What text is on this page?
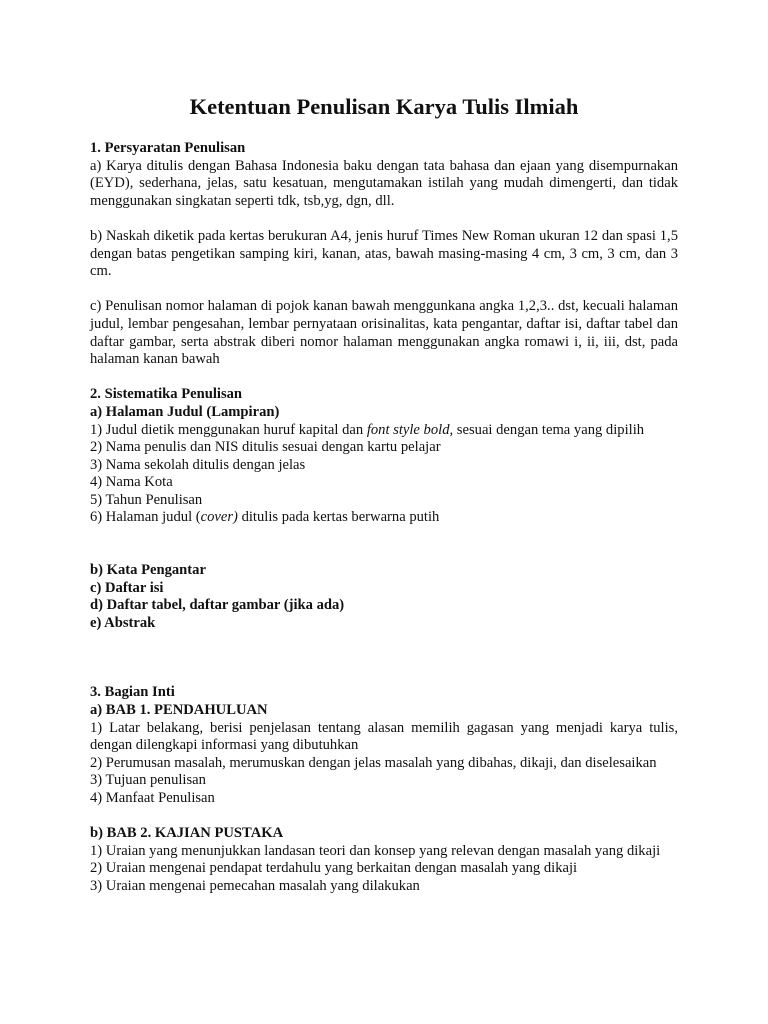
Ketentuan Penulisan Karya Tulis Ilmiah

1. Persyaratan Penulisan

a) Karya ditulis dengan Bahasa Indonesia baku dengan tata bahasa dan ejaan yang disempurnakan (EYD), sederhana, jelas, satu kesatuan, mengutamakan istilah yang mudah dimengerti, dan tidak menggunakan singkatan seperti tdk, tsb,yg, dgn, dll.

b) Naskah diketik pada kertas berukuran A4, jenis huruf Times New Roman ukuran 12 dan spasi 1,5 dengan batas pengetikan samping kiri, kanan, atas, bawah masing-masing 4 cm, 3 cm, 3 cm, dan 3 cm.

c) Penulisan nomor halaman di pojok kanan bawah menggunkana angka 1,2,3.. dst, kecuali halaman judul, lembar pengesahan, lembar pernyataan orisinalitas, kata pengantar, daftar isi, daftar tabel dan daftar gambar, serta abstrak diberi nomor halaman menggunakan angka romawi i, ii, iii, dst, pada halaman kanan bawah

2. Sistematika Penulisan

a) Halaman Judul (Lampiran)

1) Judul dietik menggunakan huruf kapital dan font style bold, sesuai dengan tema yang dipilih

2) Nama penulis dan NIS ditulis sesuai dengan kartu pelajar

3) Nama sekolah ditulis dengan jelas

4) Nama Kota

5) Tahun Penulisan

6) Halaman judul (cover) ditulis pada kertas berwarna putih

b) Kata Pengantar

c) Daftar isi

d) Daftar tabel, daftar gambar (jika ada)

e) Abstrak

3. Bagian Inti

a) BAB 1. PENDAHULUAN

1) Latar belakang, berisi penjelasan tentang alasan memilih gagasan yang menjadi karya tulis, dengan dilengkapi informasi yang dibutuhkan

2) Perumusan masalah, merumuskan dengan jelas masalah yang dibahas, dikaji, dan diselesaikan

3) Tujuan penulisan

4) Manfaat Penulisan

b) BAB 2. KAJIAN PUSTAKA

1) Uraian yang menunjukkan landasan teori dan konsep yang relevan dengan masalah yang dikaji

2) Uraian mengenai pendapat terdahulu yang berkaitan dengan masalah yang dikaji

3) Uraian mengenai pemecahan masalah yang dilakukan
